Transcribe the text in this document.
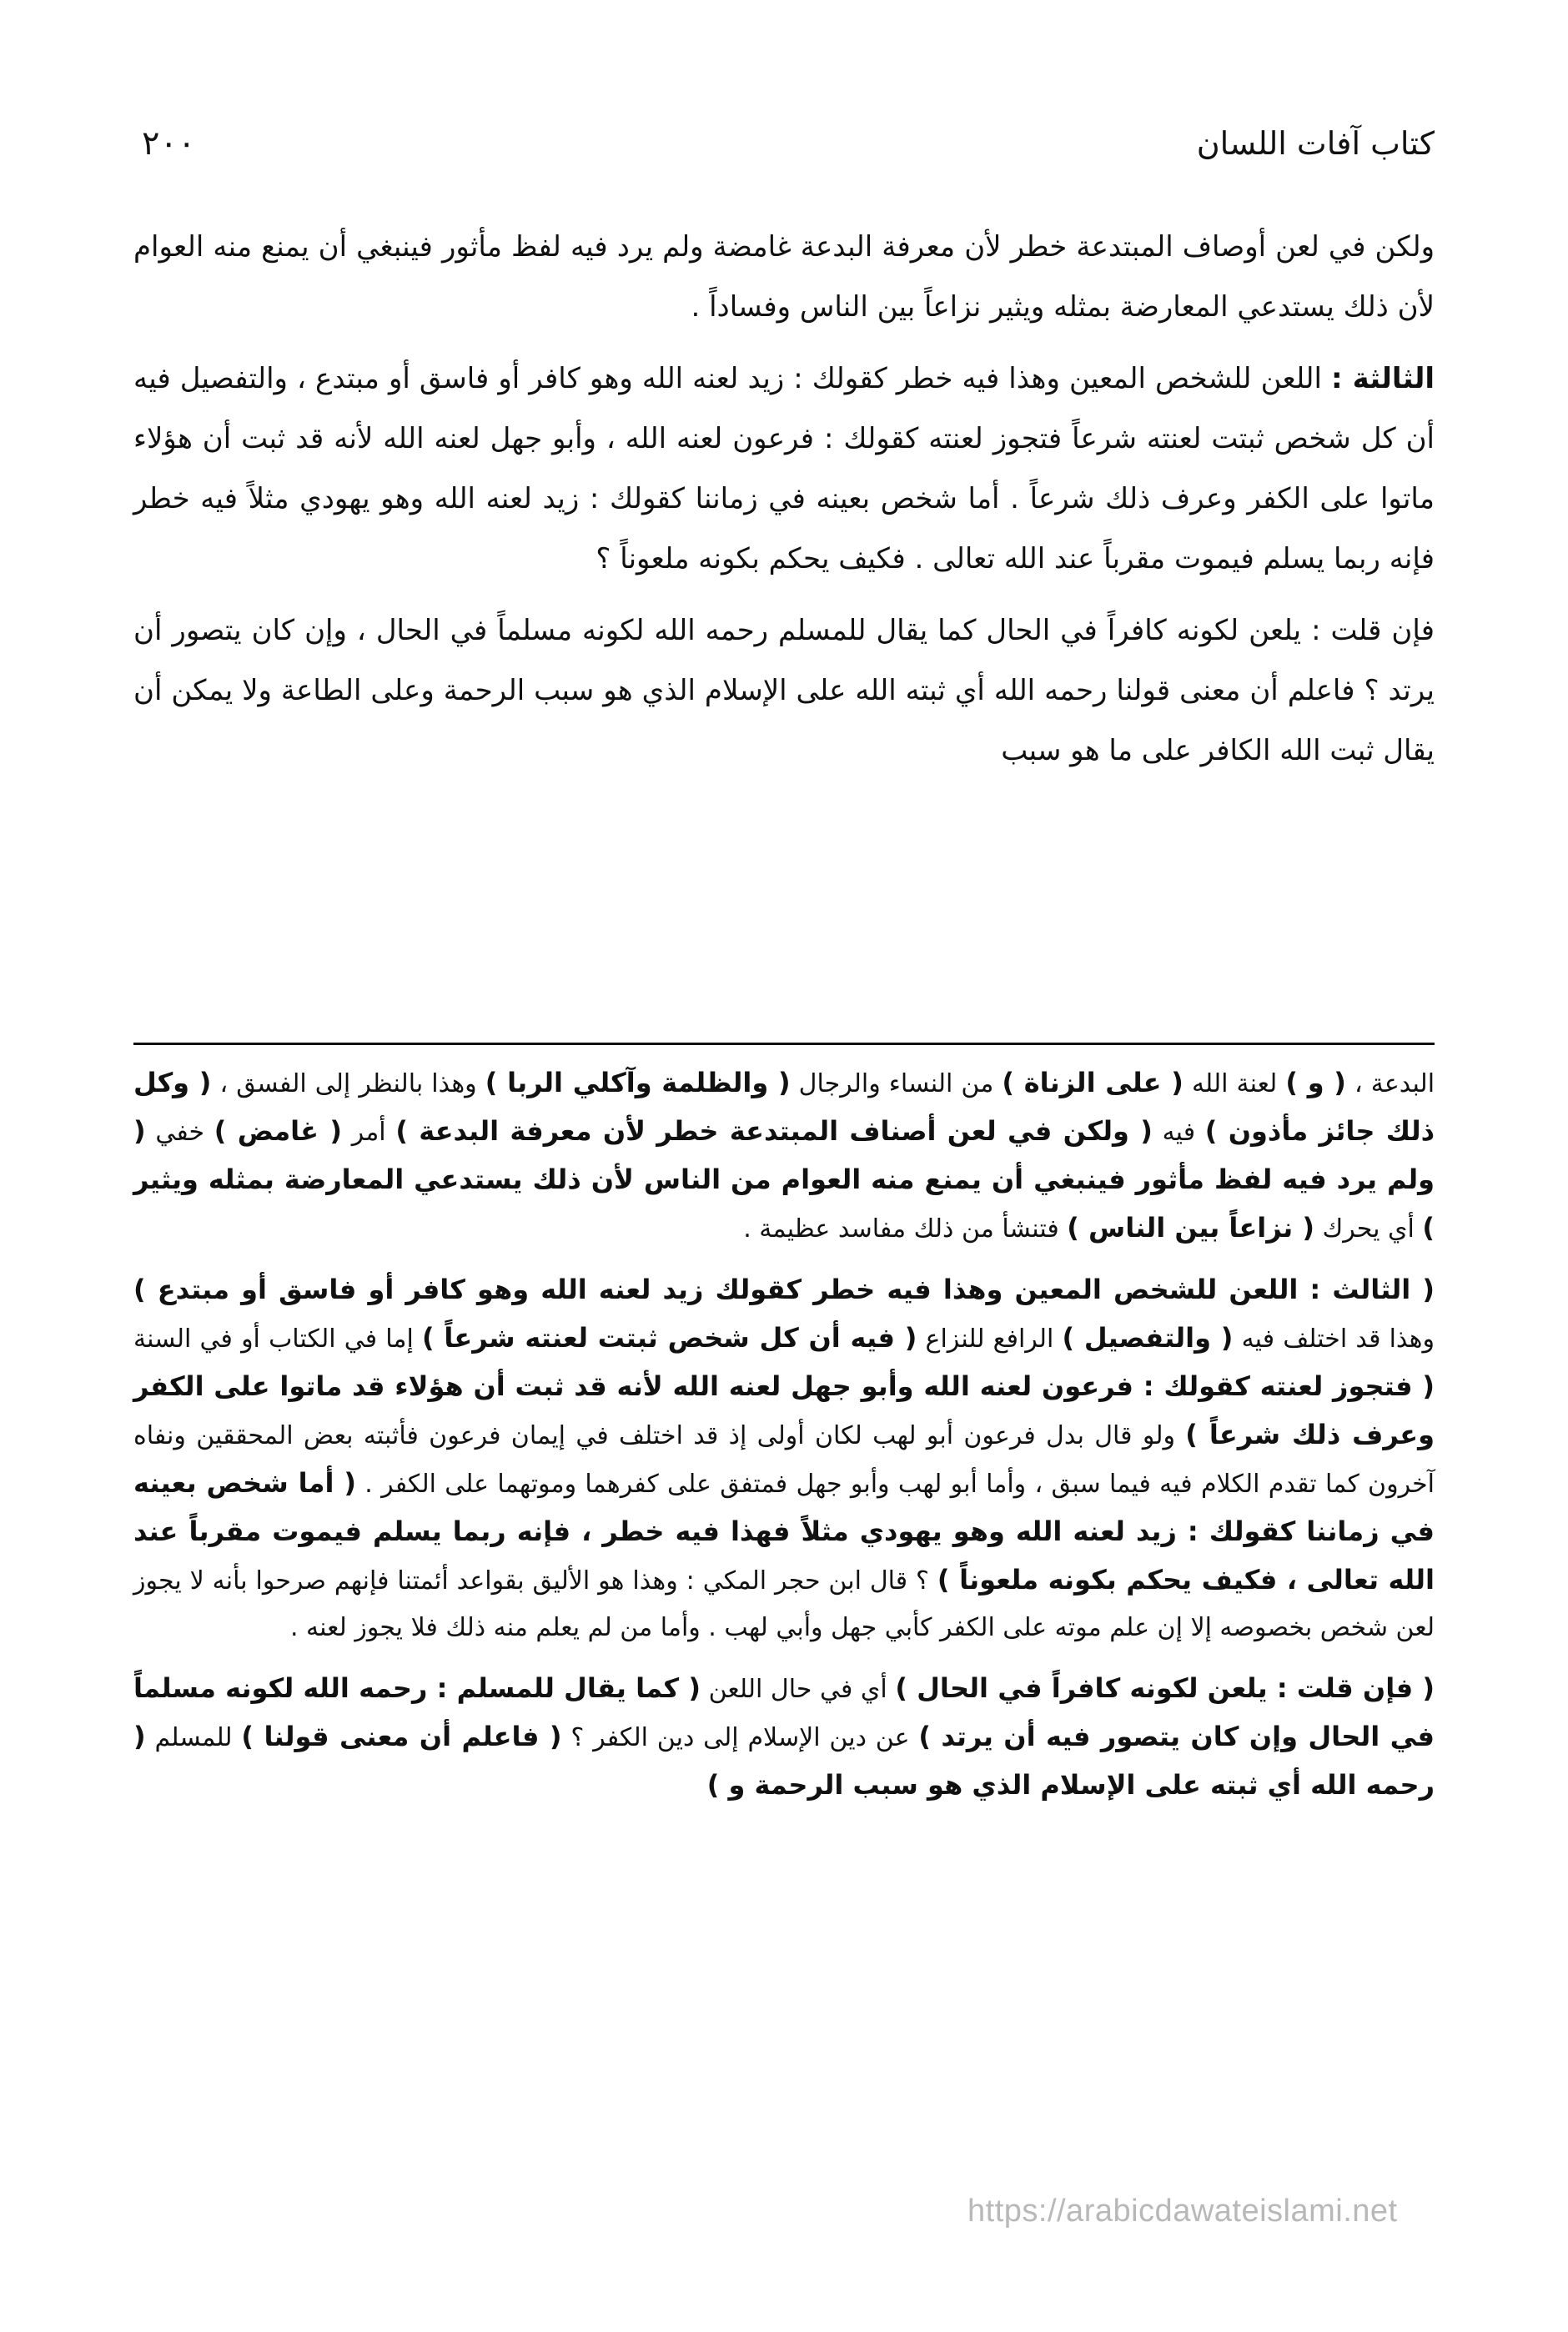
كتاب آفات اللسان
٢٠٠

ولكن في لعن أوصاف المبتدعة خطر لأن معرفة البدعة غامضة ولم يرد فيه لفظ مأثور فينبغي أن يمنع منه العوام لأن ذلك يستدعي المعارضة بمثله ويثير نزاعاً بين الناس وفساداً .

الثالثة : اللعن للشخص المعين وهذا فيه خطر كقولك : زيد لعنه الله وهو كافر أو فاسق أو مبتدع ، والتفصيل فيه أن كل شخص ثبتت لعنته شرعاً فتجوز لعنته كقولك : فرعون لعنه الله ، وأبو جهل لعنه الله لأنه قد ثبت أن هؤلاء ماتوا على الكفر وعرف ذلك شرعاً . أما شخص بعينه في زماننا كقولك : زيد لعنه الله وهو يهودي مثلاً فيه خطر فإنه ربما يسلم فيموت مقرباً عند الله تعالى . فكيف يحكم بكونه ملعوناً ؟

فإن قلت : يلعن لكونه كافراً في الحال كما يقال للمسلم رحمه الله لكونه مسلماً في الحال ، وإن كان يتصور أن يرتد ؟ فاعلم أن معنى قولنا رحمه الله أي ثبته الله على الإسلام الذي هو سبب الرحمة وعلى الطاعة ولا يمكن أن يقال ثبت الله الكافر على ما هو سبب

البدعة ، ( و ) لعنة الله ( على الزناة ) من النساء والرجال ( والظلمة وآكلي الربا ) وهذا بالنظر إلى الفسق ، ( وكل ذلك جائز مأذون ) فيه ( ولكن في لعن أصناف المبتدعة خطر لأن معرفة البدعة ) أمر ( غامض ) خفي ( ولم يرد فيه لفظ مأثور فينبغي أن يمنع منه العوام من الناس لأن ذلك يستدعي المعارضة بمثله ويثير ) أي يحرك ( نزاعاً بين الناس ) فتنشأ من ذلك مفاسد عظيمة .

( الثالث : اللعن للشخص المعين وهذا فيه خطر كقولك زيد لعنه الله وهو كافر أو فاسق أو مبتدع ) وهذا قد اختلف فيه ( والتفصيل ) الرافع للنزاع ( فيه أن كل شخص ثبتت لعنته شرعاً ) إما في الكتاب أو في السنة ( فتجوز لعنته كقولك : فرعون لعنه الله وأبو جهل لعنه الله لأنه قد ثبت أن هؤلاء قد ماتوا على الكفر وعرف ذلك شرعاً ) ولو قال بدل فرعون أبو لهب لكان أولى إذ قد اختلف في إيمان فرعون فأثبته بعض المحققين ونفاه آخرون كما تقدم الكلام فيه فيما سبق ، وأما أبو لهب وأبو جهل فمتفق على كفرهما وموتهما على الكفر . ( أما شخص بعينه في زماننا كقولك : زيد لعنه الله وهو يهودي مثلاً فهذا فيه خطر ، فإنه ربما يسلم فيموت مقرباً عند الله تعالى ، فكيف يحكم بكونه ملعوناً ) ؟ قال ابن حجر المكي : وهذا هو الأليق بقواعد أئمتنا فإنهم صرحوا بأنه لا يجوز لعن شخص بخصوصه إلا إن علم موته على الكفر كأبي جهل وأبي لهب . وأما من لم يعلم منه ذلك فلا يجوز لعنه .

( فإن قلت : يلعن لكونه كافراً في الحال ) أي في حال اللعن ( كما يقال للمسلم : رحمه الله لكونه مسلماً في الحال وإن كان يتصور فيه أن يرتد ) عن دين الإسلام إلى دين الكفر ؟ ( فاعلم أن معنى قولنا ) للمسلم ( رحمه الله أي ثبته على الإسلام الذي هو سبب الرحمة و )

https://arabicdawateislami.net
